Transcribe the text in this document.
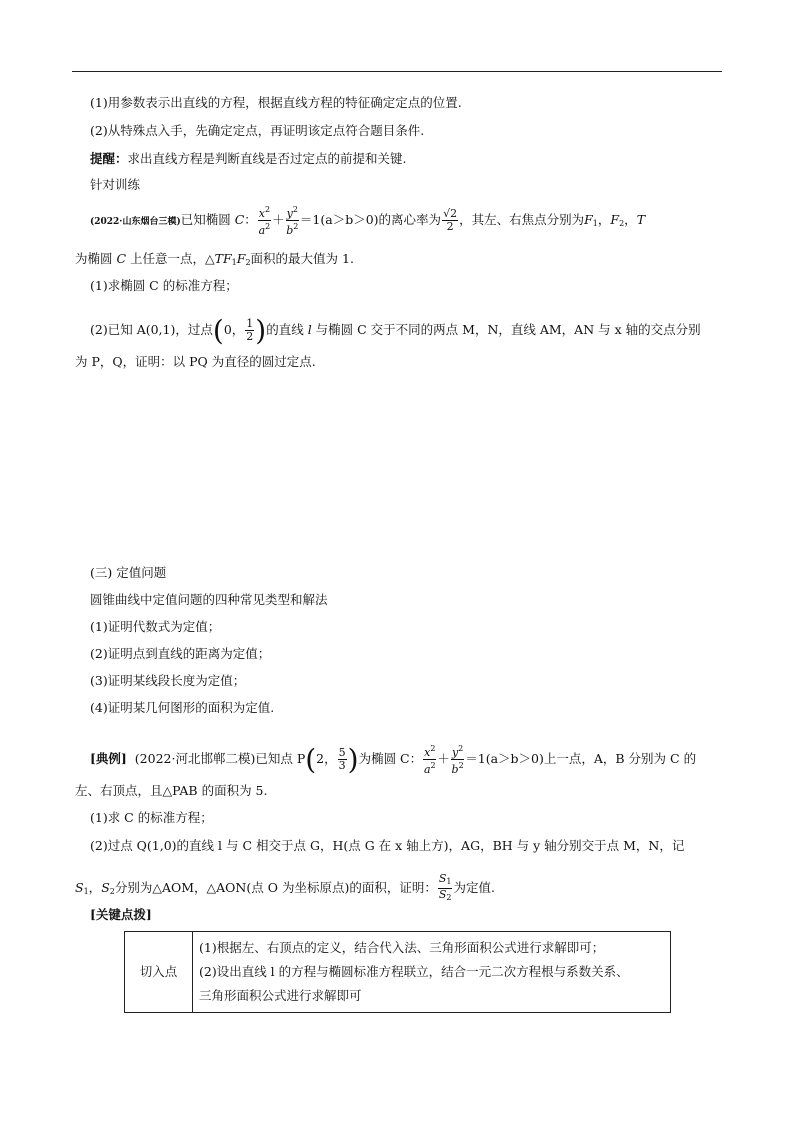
(1)用参数表示出直线的方程，根据直线方程的特征确定定点的位置.
(2)从特殊点入手，先确定定点，再证明该定点符合题目条件.
提醒：求出直线方程是判断直线是否过定点的前提和关键.
针对训练
(2022·山东烟台三模)已知椭圆 C： $\frac{x^2}{a^2} + \frac{y^2}{b^2} =1(a>b>0)$的离心率为 $\frac{√2}{2}$ ，其左、右焦点分别为$F_1$，$F_2$，T
为椭圆 C 上任意一点，$\triangle TF_1F_2$面积的最大值为 1.
(1)求椭圆 C 的标准方程；
(2)已知 A(0,1)，过点(0， $\frac{1}{2}$ )的直线 l 与椭圆 C 交于不同的两点 M，N，直线 AM，AN 与 x 轴的交点分别
为 P，Q，证明：以 PQ 为直径的圆过定点.
(三) 定值问题
圆锥曲线中定值问题的四种常见类型和解法
(1)证明代数式为定值；
(2)证明点到直线的距离为定值；
(3)证明某线段长度为定值；
(4)证明某几何图形的面积为定值.
[典例] (2022·河北邯郸二模)已知点 P(2， $\frac{5}{3}$ )为椭圆 C： $\frac{x^2}{a^2} + \frac{y^2}{b^2} =1(a>b>0)$上一点，A，B 分别为 C 的
左、右顶点，且△PAB 的面积为 5.
(1)求 C 的标准方程；
(2)过点 Q(1,0)的直线 l 与 C 相交于点 G，H(点 G 在 x 轴上方)，AG，BH 与 y 轴分别交于点 M，N，记
$S_1$，$S_2$分别为△AOM，△AON(点 O 为坐标原点)的面积，证明： $\frac{S_1}{S_2}$ 为定值.
[关键点拨]
切入点	
(1)根据左、右顶点的定义，结合代入法、三角形面积公式进行求解即可；
(2)设出直线 l 的方程与椭圆标准方程联立，结合一元二次方程根与系数关系、
三角形面积公式进行求解即可
